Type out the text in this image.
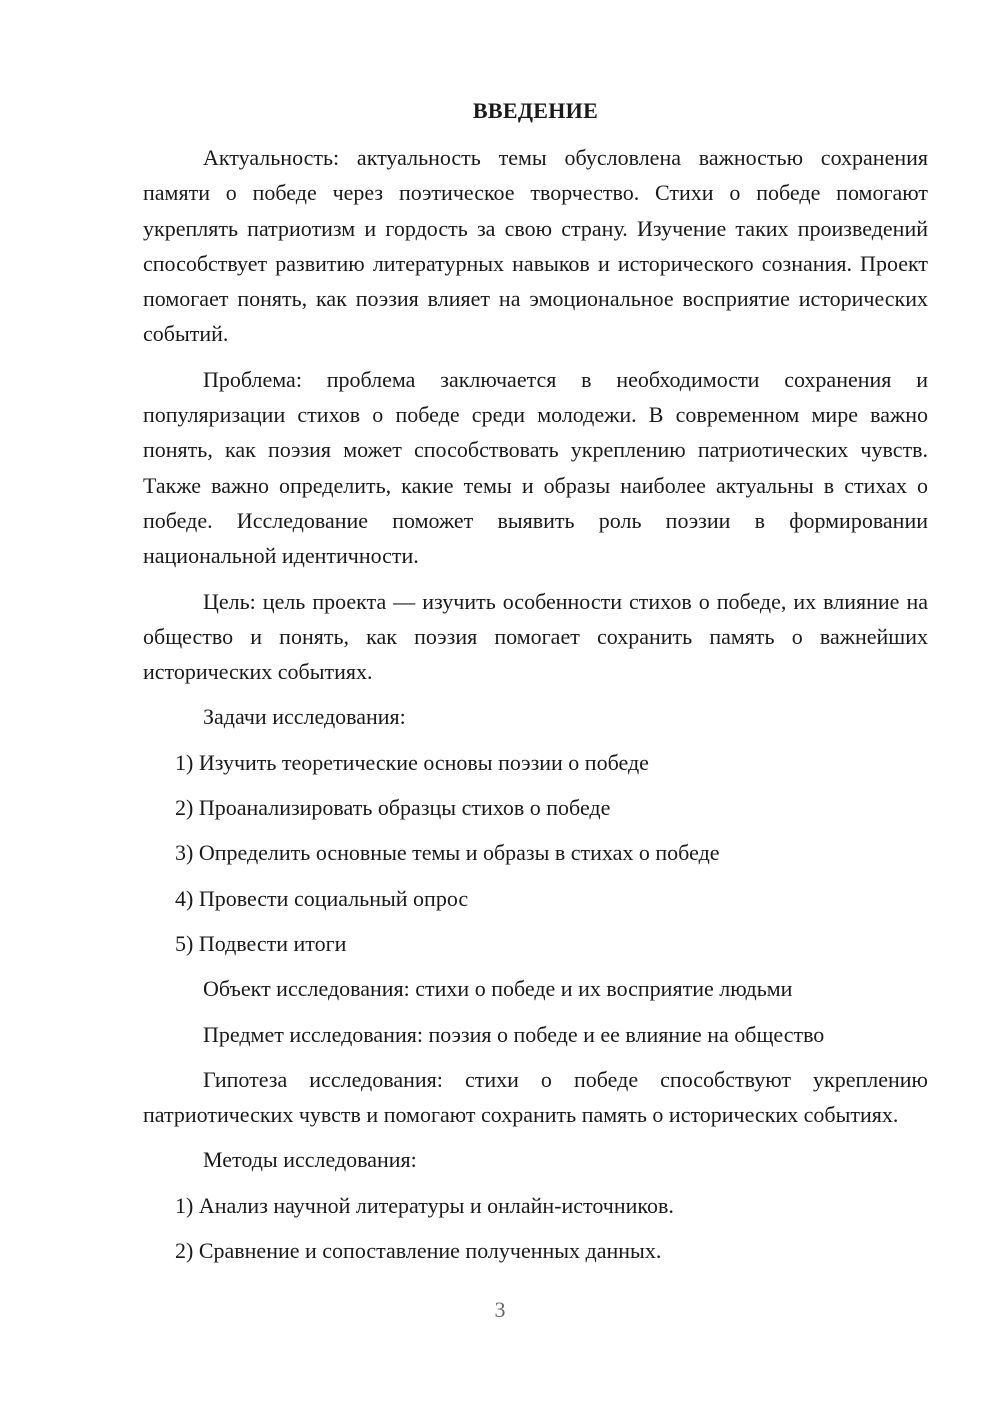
ВВЕДЕНИЕ

Актуальность: актуальность темы обусловлена важностью сохранения памяти о победе через поэтическое творчество. Стихи о победе помогают укреплять патриотизм и гордость за свою страну. Изучение таких произведений способствует развитию литературных навыков и исторического сознания. Проект помогает понять, как поэзия влияет на эмоциональное восприятие исторических событий.

Проблема: проблема заключается в необходимости сохранения и популяризации стихов о победе среди молодежи. В современном мире важно понять, как поэзия может способствовать укреплению патриотических чувств. Также важно определить, какие темы и образы наиболее актуальны в стихах о победе. Исследование поможет выявить роль поэзии в формировании национальной идентичности.

Цель: цель проекта — изучить особенности стихов о победе, их влияние на общество и понять, как поэзия помогает сохранить память о важнейших исторических событиях.

Задачи исследования:
1) Изучить теоретические основы поэзии о победе
2) Проанализировать образцы стихов о победе
3) Определить основные темы и образы в стихах о победе
4) Провести социальный опрос
5) Подвести итоги
Объект исследования: стихи о победе и их восприятие людьми
Предмет исследования: поэзия о победе и ее влияние на общество

Гипотеза исследования: стихи о победе способствуют укреплению патриотических чувств и помогают сохранить память о исторических событиях.

Методы исследования:
1) Анализ научной литературы и онлайн-источников.
2) Сравнение и сопоставление полученных данных.
3
